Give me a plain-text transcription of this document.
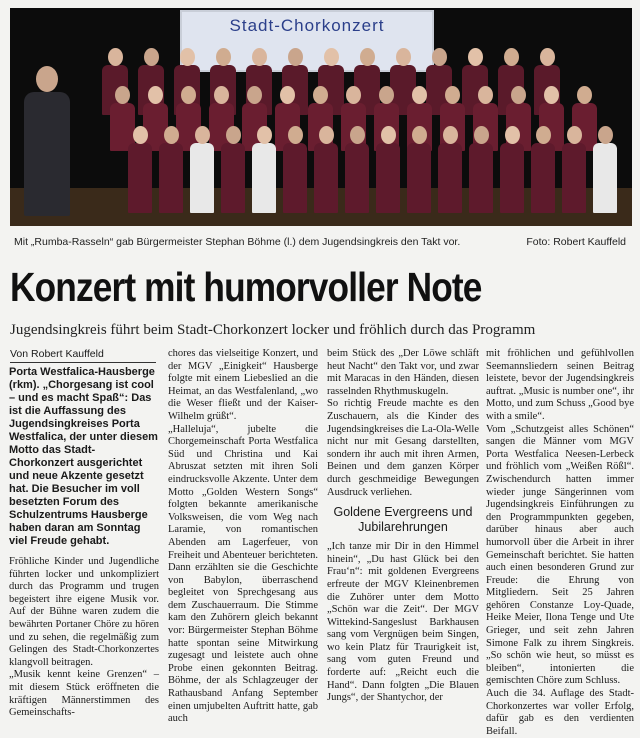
Stadt-Chorkonzert
Mit „Rumba-Rasseln“ gab Bürgermeister Stephan Böhme (l.) dem Jugendsingkreis den Takt vor.	Foto: Robert Kauffeld
Konzert mit humorvoller Note
Jugendsingkreis führt beim Stadt-Chorkonzert locker und fröhlich durch das Programm
Von Robert Kauffeld

Porta Westfalica-Hausberge (rkm). „Chorgesang ist cool – und es macht Spaß“: Das ist die Auffassung des Jugendsingkreises Porta Westfalica, der unter diesem Motto das Stadt-Chorkonzert ausgerichtet und neue Akzente gesetzt hat. Die Besucher im voll besetzten Forum des Schulzentrums Hausberge haben daran am Sonntag viel Freude gehabt.

Fröhliche Kinder und Jugendliche führten locker und unkompliziert durch das Programm und trugen begeistert ihre eigene Musik vor. Auf der Bühne waren zudem die bewährten Portaner Chöre zu hören und zu sehen, die regelmäßig zum Gelingen des Stadt-Chorkonzertes klangvoll beitragen.

„Musik kennt keine Grenzen“ – mit diesem Stück eröffneten die kräftigen Männerstimmen des Gemeinschafts-

chores das vielseitige Konzert, und der MGV „Einigkeit“ Hausberge folgte mit einem Liebeslied an die Heimat, an das Westfalenland, „wo die Weser fließt und der Kaiser-Wilhelm grüßt“.

„Halleluja“, jubelte die Chorgemeinschaft Porta Westfalica Süd und Christina und Kai Abruszat setzten mit ihren Soli eindrucksvolle Akzente. Unter dem Motto „Golden Western Songs“ folgten bekannte amerikanische Volksweisen, die vom Weg nach Laramie, von romantischen Abenden am Lagerfeuer, von Freiheit und Abenteuer berichteten. Dann erzählten sie die Geschichte von Babylon, überraschend begleitet von Sprechgesang aus dem Zuschauerraum. Die Stimme kam den Zuhörern gleich bekannt vor: Bürgermeister Stephan Böhme hatte spontan seine Mitwirkung zugesagt und leistete auch ohne Probe einen gekonnten Beitrag. Böhme, der als Schlagzeuger der Rathausband Anfang September einen umjubelten Auftritt hatte, gab auch

beim Stück des „Der Löwe schläft heut Nacht“ den Takt vor, und zwar mit Maracas in den Händen, diesen rasselnden Rhythmuskugeln.

So richtig Freude machte es den Zuschauern, als die Kinder des Jugendsingkreises die La-Ola-Welle nicht nur mit Gesang darstellten, sondern ihr auch mit ihren Armen, Beinen und dem ganzen Körper durch geschmeidige Bewegungen Ausdruck verliehen.

Goldene Evergreens und Jubilarehrungen

„Ich tanze mir Dir in den Himmel hinein“, „Du hast Glück bei den Frau‘n“: mit goldenen Evergreens erfreute der MGV Kleinenbremen die Zuhörer unter dem Motto „Schön war die Zeit“. Der MGV Wittekind-Sangeslust Barkhausen sang vom Vergnügen beim Singen, wo kein Platz für Traurigkeit ist, sang vom guten Freund und forderte auf: „Reicht euch die Hand“. Dann folgten „Die Blauen Jungs“, der Shantychor, der

mit fröhlichen und gefühlvollen Seemannsliedern seinen Beitrag leistete, bevor der Jugendsingkreis auftrat. „Music is number one“, ihr Motto, und zum Schuss „Good bye with a smile“.

Vom „Schutzgeist alles Schönen“ sangen die Männer vom MGV Porta Westfalica Neesen-Lerbeck und fröhlich vom „Weißen Rößl“. Zwischendurch hatten immer wieder junge Sängerinnen vom Jugendsingkreis Einführungen zu den Programmpunkten gegeben, darüber hinaus aber auch humorvoll über die Arbeit in ihrer Gemeinschaft berichtet. Sie hatten auch einen besonderen Grund zur Freude: die Ehrung von Mitgliedern. Seit 25 Jahren gehören Constanze Loy-Quade, Heike Meier, Ilona Tenge und Ute Grieger, und seit zehn Jahren Simone Falk zu ihrem Singkreis. „So schön wie heut, so müsst es bleiben“, intonierten die gemischten Chöre zum Schluss.

Auch die 34. Auflage des Stadt-Chorkonzertes war voller Erfolg, dafür gab es den verdienten Beifall.
